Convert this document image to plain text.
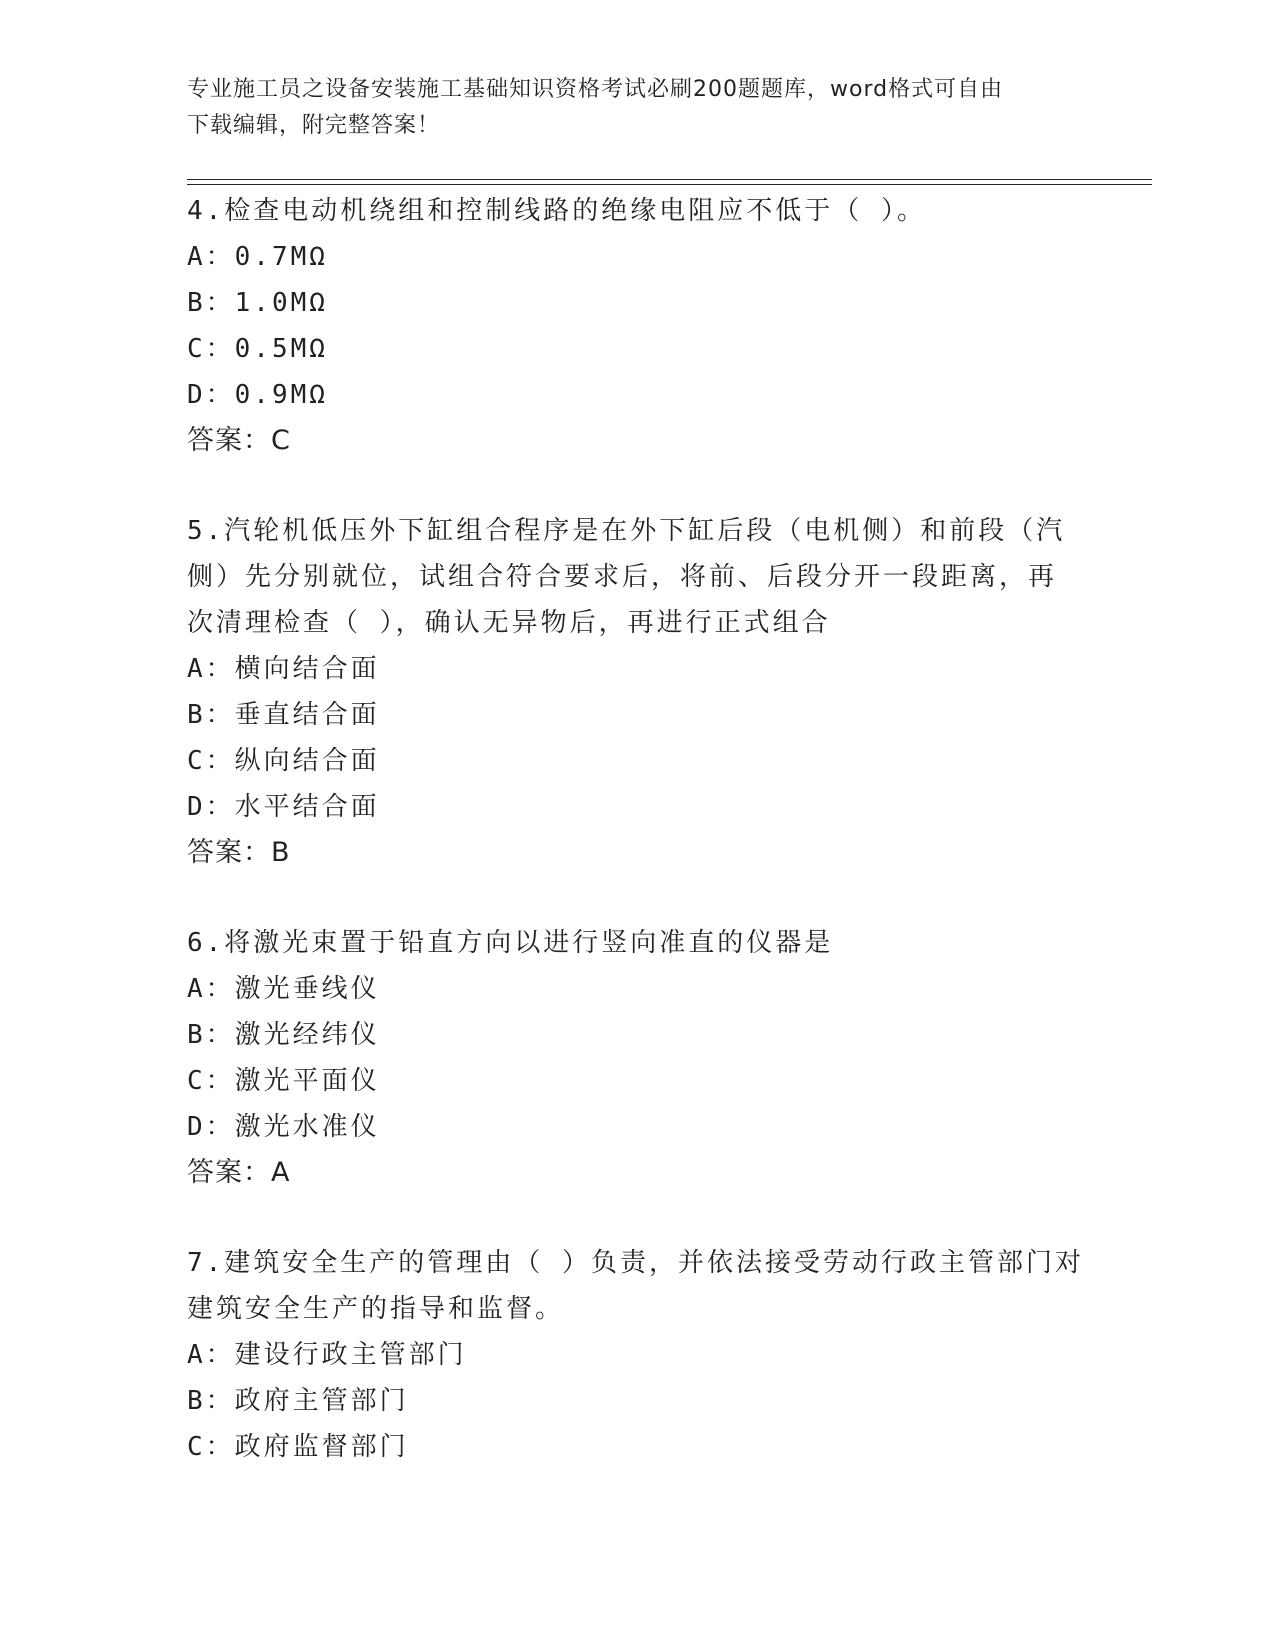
专业施工员之设备安装施工基础知识资格考试必刷200题题库，word格式可自由
下载编辑，附完整答案！

4.检查电动机绕组和控制线路的绝缘电阻应不低于（ ）。

A：0.7MΩ

B：1.0MΩ

C：0.5MΩ

D：0.9MΩ

答案：C

5.汽轮机低压外下缸组合程序是在外下缸后段（电机侧）和前段（汽

侧）先分别就位，试组合符合要求后，将前、后段分开一段距离，再

次清理检查（ ），确认无异物后，再进行正式组合

A：横向结合面

B：垂直结合面

C：纵向结合面

D：水平结合面

答案：B

6.将激光束置于铅直方向以进行竖向准直的仪器是

A：激光垂线仪

B：激光经纬仪

C：激光平面仪

D：激光水准仪

答案：A

7.建筑安全生产的管理由（ ）负责，并依法接受劳动行政主管部门对

建筑安全生产的指导和监督。

A：建设行政主管部门

B：政府主管部门

C：政府监督部门
